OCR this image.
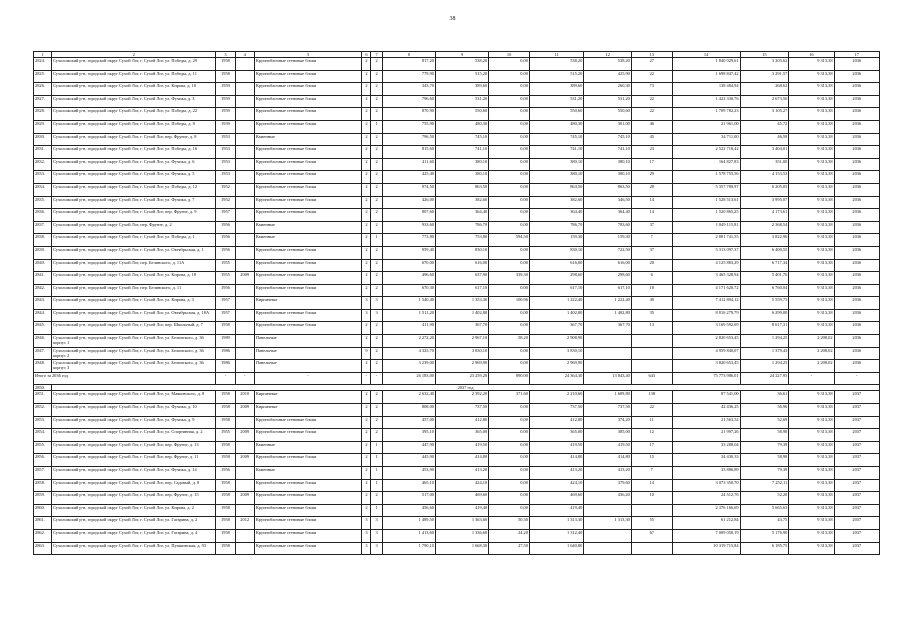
38
1	2	3	4	5	6	7	8	9	10	11	12	13	14	15	16	17
2824.	Сухоложский р-н, городской округ Сухой Лог, г. Сухой Лог, ул. Победы, д. 29	1958		Крупноблочные стеновые блоки	2	2	817,20	538,20	0,00	538,20	538,20	27	1 840 029,61	3 305,62	9 313,38	2036
2825.	Сухоложский р-н, городской округ Сухой Лог, г. Сухой Лог, ул. Победы, д. 11	1958		Крупноблочные стеновые блоки	2	2	779,90	515,20	0,00	515,20	425,90	22	1 698 847,42	3 291,57	9 313,38	2036
2826.	Сухоложский р-н, городской округ Сухой Лог, г. Сухой Лог, ул. Кирова, д. 10	1959		Крупноблочные стеновые блоки	2	2	343,70	389,60	0,00	389,60	260,30	73	138 484,94	268,62	9 313,38	2036
2827.	Сухоложский р-н, городской округ Сухой Лог, г. Сухой Лог, ул. Фучика, д. 3	1959		Крупноблочные стеновые блоки	2	2	796,60	531,20	0,00	531,20	531,20	22	1 422 330,76	2 673,50	9 313,38	2036
2828.	Сухоложский р-н, городской округ Сухой Лог, г. Сухой Лог, ул. Победы, д. 22	1959		Крупноблочные стеновые блоки	2	2	870,90	550,60	0,00	550,60	550,60	22	1 709 782,23	3 105,27	9 313,38	2036
2829.	Сухоложский р-н, городской округ Сухой Лог, г. Сухой Лог, ул. Победы, д. 8	1939		Крупноблочные стеновые блоки	2	1	755,90	480,30	0,00	480,30	301,00	46	21 961,00	45,72	9 313,38	2036
2830.	Сухоложский р-н, городской округ Сухой Лог, г. Сухой Лог, пер. Фрунзе, д. 8	1953		Каменные	2	2	796,50	745,10	0,00	745,10	745,10	45	34 711,00	46,59	9 313,38	2036
2831.	Сухоложский р-н, городской округ Сухой Лог, г. Сухой Лог, ул. Победы, д. 16	1953		Крупноблочные стеновые блоки	2	2	815,60	741,10	0,00	741,10	741,10	23	2 522 718,42	3 404,01	9 313,38	2036
2832.	Сухоложский р-н, городской округ Сухой Лог, г. Сухой Лог, ул. Фучика, д. 6	1953		Крупноблочные стеновые блоки	2	2	411,60	380,10	0,00	380,10	380,10	17	164 827,83	351,00	9 313,38	2036
2833.	Сухоложский р-н, городской округ Сухой Лог, г. Сухой Лог, ул. Фучика, д. 5	1953		Крупноблочные стеновые блоки	2	2	425,40	380,10	0,00	380,10	380,10	29	1 578 755,56	4 153,53	9 313,38	2036
2834.	Сухоложский р-н, городской округ Сухой Лог, г. Сухой Лог, ул. Победы, д. 12	1952		Крупноблочные стеновые блоки	2	2	974,50	863,50	0,00	863,50	863,50	28	5 357 780,97	6 205,05	9 313,38	2036
2835.	Сухоложский р-н, городской округ Сухой Лог, г. Сухой Лог, ул. Фучика, д. 7	1952		Крупноблочные стеновые блоки	2	2	426,00	382,60	0,00	382,60	346,50	14	1 528 513,61	3 995,07	9 313,38	2036
2836.	Сухоложский р-н, городской округ Сухой Лог, г. Сухой Лог, пер. Фрунзе, д. 9	1957		Крупноблочные стеновые блоки	2	2	807,60	364,40	0,00	364,40	364,40	14	1 520 865,25	4 173,61	9 313,38	2036
2837.	Сухоложский р-н, городской округ Сухой Лог, пер. Фрунзе, д. 2	1956		Каменные	2	2	933,60	786,70	0,00	786,70	783,60	37	1 849 115,81	2 368,54	9 313,38	2036
2838.	Сухоложский р-н, городской округ Сухой Лог, г. Сухой Лог, ул. Победы, д. 1	1956		Каменные	2	1	773,80	753,80	594,50	159,30	159,30	7	2 881 741,55	3 822,96	9 313,38	2036
2839.	Сухоложский р-н, городской округ Сухой Лог, г. Сухой Лог, ул. Октябрьская, д. 1	1956		Крупноблочные стеновые блоки	2	2	959,40	830,10	0,00	830,10	722,50	37	5 313 097,37	6 400,55	9 313,38	2036
2840.	Сухоложский р-н, городской округ Сухой Лог, пер. Белинского, д. 11А	1955		Крупноблочные стеновые блоки	2	2	670,00	616,00	0,00	616,00	616,00	20	4 125 883,29	6 717,34	9 313,38	2036
2841.	Сухоложский р-н, городской округ Сухой Лог, г. Сухой Лог, ул. Кирова, д. 18	1955	2009	Крупноблочные стеновые блоки	2	2	496,60	637,90	339,30	298,60	298,60	6	3 465 328,94	5 401,76	9 313,38	2036
2842.	Сухоложский р-н, городской округ Сухой Лог, пер. Белинского, д. 11	1956		Крупноблочные стеновые блоки	2	2	670,30	617,10	0,00	617,10	617,10	18	4 171 620,72	6 760,04	9 313,38	2036
2843.	Сухоложский р-н, городской округ Сухой Лог, г. Сухой Лог, ул. Кирова, д. 3	1957		Кирпичные	3	3	1 540,40	1 353,30	100,96	1 222,40	1 222,40	49	7 412 804,12	5 559,75	9 313,38	2036
2844.	Сухоложский р-н, городской округ Сухой Лог, г. Сухой Лог, ул. Октябрьская, д. 18А	1957		Крупноблочные стеновые блоки	3	3	1 511,20	1 402,80	0,00	1 402,80	1 402,80	35	8 816 279,79	6 299,00	9 313,38	2036
2845.	Сухоложский р-н, городской округ Сухой Лог, г. Сухой Лог, пер. Школьный, д. 7	1958		Крупноблочные стеновые блоки	2	2	411,90	367,70	0,00	367,70	367,70	13	3 169 592,69	8 617,31	9 313,38	2036
2846.	Сухоложский р-н, городской округ Сухой Лог, г. Сухой Лог, ул. Белинского, д. 36 корпус 1	1989		Панельные	2	2	2 272,20	2 967,10	58,20	2 908,90			2 820 653,45	1 294,25	2 208,02	2036
2847.	Сухоложский р-н, городской округ Сухой Лог, г. Сухой Лог, ул. Белинского, д. 36 корпус 2	1986		Панельные	9	2	4 325,70	3 830,10	0,00	3 830,10			4 959 840,07	1 379,43	2 208,02	2036
2848.	Сухоложский р-н, городской округ Сухой Лог, г. Сухой Лог, ул. Белинского, д. 36 корпус 3	1986		Панельные	2	2	3 239,00	2 969,90	0,00	2 969,90			3 820 653,45	1 294,25	2 208,02	2036
Итого за 2036 год		-	-	-	-	-	26 183,00	23 259,20	890,00	24 364,30	13 843,40	643	75 773 986,01	24 227,95	-	-
2850.	2037 год															
2851.	Сухоложский р-н, городской округ Сухой Лог, г. Сухой Лог, ул. Маяковского, д. 8	1958	2010	Кирпичные	2	2	2 632,40	2 392,20	371,60	2 210,60	1 609,80	138	87 541,00	36,61	9 313,38	2037
2852.	Сухоложский р-н, городской округ Сухой Лог, г. Сухой Лог, ул. Фучика, д. 10	1958	2009	Кирпичные	2	2	808,00	737,50	0,00	737,50	737,50	22	42 436,25	56,96	9 313,38	2037
2853.	Сухоложский р-н, городской округ Сухой Лог, г. Сухой Лог, ул. Фучика, д. 9	1958		Крупноблочные стеновые блоки	2	2	457,00	412,80	0,00	412,80	374,20	11	21 563,52	52,69	9 313,38	2037
2854.	Сухоложский р-н, городской округ Сухой Лог, г. Сухой Лог, ул. Спортивная, д. 2	1955	2009	Крупноблочные стеновые блоки	2	2	395,10	365,00	0,00	365,00	385,00	12	21 997,26	58,90	9 313,38	2037
2855.	Сухоложский р-н, городской округ Сухой Лог, г. Сухой Лог, пер. Фрунзе, д. 13	1958		Каменные	2	1	447,90	419,50	0,00	419,50	419,50	17	33 288,04	79,39	9 313,38	2037
2856.	Сухоложский р-н, городской округ Сухой Лог, г. Сухой Лог, пер. Фрунзе, д. 11	1958	2009	Крупноблочные стеновые блоки	2	1	445,90	414,80	0,00	414,80	414,80	15	34 430,33	58,90	9 313,38	2037
2857.	Сухоложский р-н, городской округ Сухой Лог, г. Сухой Лог, ул. Фучика, д. 14	1956		Каменные	2	1	453,90	413,20	0,00	413,20	413,20	7	33 886,89	79,39	9 313,38	2037
2858.	Сухоложский р-н, городской округ Сухой Лог, г. Сухой Лог, пер. Садовый, д. 8	1958		Крупноблочные стеновые блоки	2	1	465,10	424,10	0,00	424,10	379,60	14	3 073 350,70	7 252,11	9 313,38	2037
2859.	Сухоложский р-н, городской округ Сухой Лог, г. Сухой Лог, пер. Фрунзе, д. 15	1958	2009	Крупноблочные стеновые блоки	2	2	517,00	469,60	0,00	469,60	436,20	10	24 512,76	52,20	9 313,38	2037
2860.	Сухоложский р-н, городской округ Сухой Лог, г. Сухой Лог, ул. Кирова, д. 2	1958		Крупноблочные стеновые блоки	2	1	456,60	419,40	0,00	419,40			2 376 166,69	5 665,63	9 313,38	2037
2861.	Сухоложский р-н, городской округ Сухой Лог, г. Сухой Лог, ул. Гагарина, д. 2	1958	2012	Крупноблочные стеновые блоки	3	3	1 489,50	1 363,60	50,30	1 313,30	1 313,30	55	61 212,84	43,75	9 313,38	2037
2862.	Сухоложский р-н, городской округ Сухой Лог, г. Сухой Лог, ул. Гагарина, д. 4	1958		Крупноблочные стеновые блоки	3	3	1 413,60	1 336,60	24,20	1 312,40		67	7 009 050,19	5 176,90	9 313,38	2037
2863.	Сухоложский р-н, городской округ Сухой Лог, г. Сухой Лог, ул. Пушкинская, д. 93	1958		Крупноблочные стеновые блоки	3	3	1 790,10	1 668,30	27,50	1 640,80			10 319 715,84	6 185,75	9 313,38	2037
